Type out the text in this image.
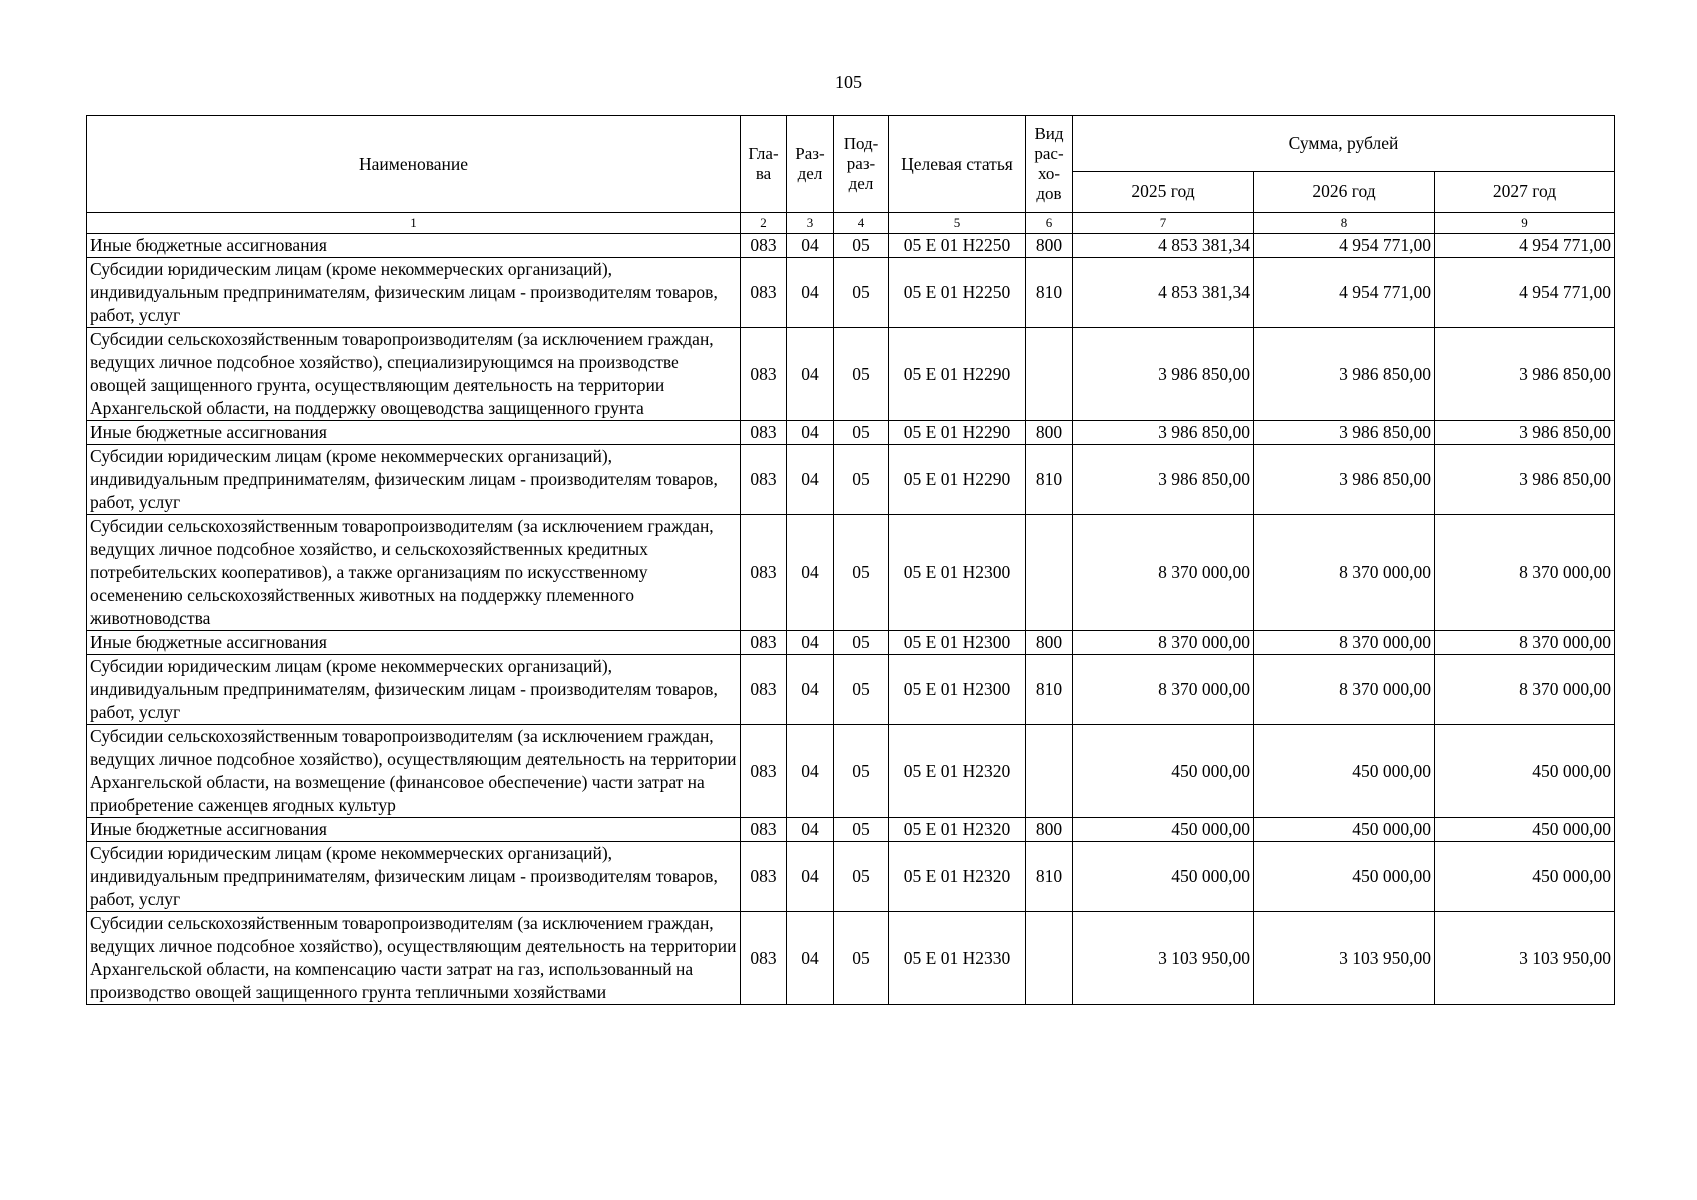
105
Наименование	Гла-ва	Раз-дел	Под-раз-дел	Целевая статья	Вид рас-хо-дов	Сумма, рублей		
						2025 год	2026 год	2027 год
1	2	3	4	5	6	7	8	9
Иные бюджетные ассигнования	083	04	05	05 Е 01 Н2250	800	4 853 381,34	4 954 771,00	4 954 771,00
Субсидии юридическим лицам (кроме некоммерческих организаций), индивидуальным предпринимателям, физическим лицам - производителям товаров, работ, услуг	083	04	05	05 Е 01 Н2250	810	4 853 381,34	4 954 771,00	4 954 771,00
Субсидии сельскохозяйственным товаропроизводителям (за исключением граждан, ведущих личное подсобное хозяйство), специализирующимся на производстве овощей защищенного грунта, осуществляющим деятельность на территории Архангельской области, на поддержку овощеводства защищенного грунта	083	04	05	05 Е 01 Н2290		3 986 850,00	3 986 850,00	3 986 850,00
Иные бюджетные ассигнования	083	04	05	05 Е 01 Н2290	800	3 986 850,00	3 986 850,00	3 986 850,00
Субсидии юридическим лицам (кроме некоммерческих организаций), индивидуальным предпринимателям, физическим лицам - производителям товаров, работ, услуг	083	04	05	05 Е 01 Н2290	810	3 986 850,00	3 986 850,00	3 986 850,00
Субсидии сельскохозяйственным товаропроизводителям (за исключением граждан, ведущих личное подсобное хозяйство, и сельскохозяйственных кредитных потребительских кооперативов), а также организациям по искусственному осеменению сельскохозяйственных животных на поддержку племенного животноводства	083	04	05	05 Е 01 Н2300		8 370 000,00	8 370 000,00	8 370 000,00
Иные бюджетные ассигнования	083	04	05	05 Е 01 Н2300	800	8 370 000,00	8 370 000,00	8 370 000,00
Субсидии юридическим лицам (кроме некоммерческих организаций), индивидуальным предпринимателям, физическим лицам - производителям товаров, работ, услуг	083	04	05	05 Е 01 Н2300	810	8 370 000,00	8 370 000,00	8 370 000,00
Субсидии сельскохозяйственным товаропроизводителям (за исключением граждан, ведущих личное подсобное хозяйство), осуществляющим деятельность на территории Архангельской области, на возмещение (финансовое обеспечение) части затрат на приобретение саженцев ягодных культур	083	04	05	05 Е 01 Н2320		450 000,00	450 000,00	450 000,00
Иные бюджетные ассигнования	083	04	05	05 Е 01 Н2320	800	450 000,00	450 000,00	450 000,00
Субсидии юридическим лицам (кроме некоммерческих организаций), индивидуальным предпринимателям, физическим лицам - производителям товаров, работ, услуг	083	04	05	05 Е 01 Н2320	810	450 000,00	450 000,00	450 000,00
Субсидии сельскохозяйственным товаропроизводителям (за исключением граждан, ведущих личное подсобное хозяйство), осуществляющим деятельность на территории Архангельской области, на компенсацию части затрат на газ, использованный на производство овощей защищенного грунта тепличными хозяйствами	083	04	05	05 Е 01 Н2330		3 103 950,00	3 103 950,00	3 103 950,00
